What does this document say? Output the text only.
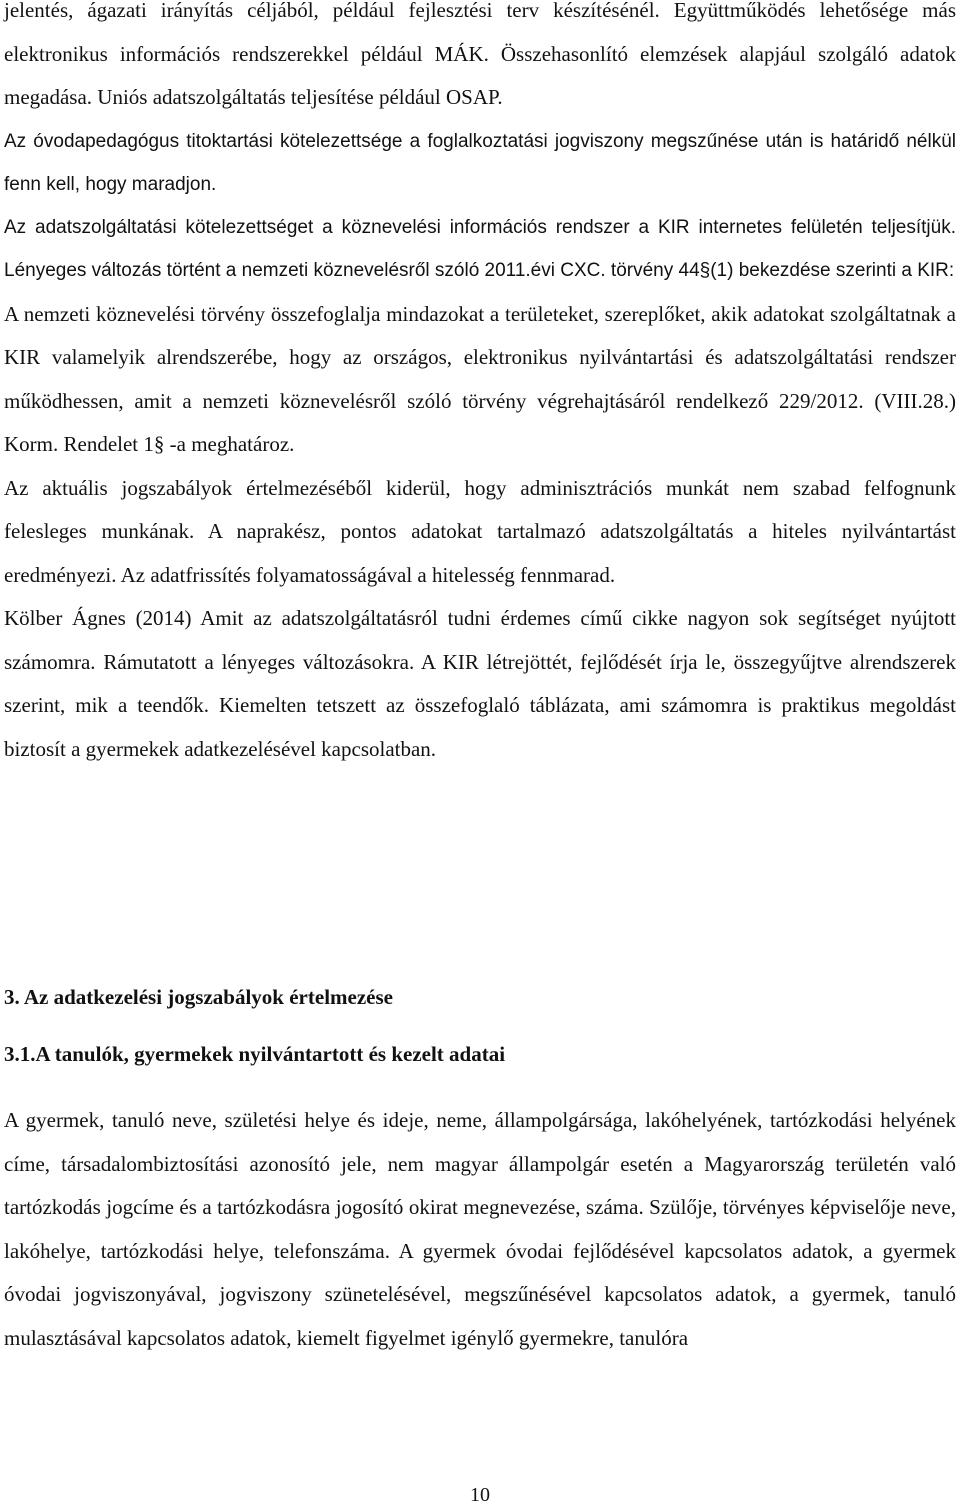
jelentés, ágazati irányítás céljából, például fejlesztési terv készítésénél. Együttműködés lehetősége más elektronikus információs rendszerekkel például MÁK. Összehasonlító elemzések alapjául szolgáló adatok megadása. Uniós adatszolgáltatás teljesítése például OSAP.

Az óvodapedagógus titoktartási kötelezettsége a foglalkoztatási jogviszony megszűnése után is határidő nélkül fenn kell, hogy maradjon.

Az adatszolgáltatási kötelezettséget a köznevelési információs rendszer a KIR internetes felületén teljesítjük. Lényeges változás történt a nemzeti köznevelésről szóló 2011.évi CXC. törvény 44§(1) bekezdése szerinti a KIR:

A nemzeti köznevelési törvény összefoglalja mindazokat a területeket, szereplőket, akik adatokat szolgáltatnak a KIR valamelyik alrendszerébe, hogy az országos, elektronikus nyilvántartási és adatszolgáltatási rendszer működhessen, amit a nemzeti köznevelésről szóló törvény végrehajtásáról rendelkező 229/2012. (VIII.28.) Korm. Rendelet 1§ -a meghatároz.

Az aktuális jogszabályok értelmezéséből kiderül, hogy adminisztrációs munkát nem szabad felfognunk felesleges munkának. A naprakész, pontos adatokat tartalmazó adatszolgáltatás a hiteles nyilvántartást eredményezi. Az adatfrissítés folyamatosságával a hitelesség fennmarad.

Kölber Ágnes (2014) Amit az adatszolgáltatásról tudni érdemes című cikke nagyon sok segítséget nyújtott számomra. Rámutatott a lényeges változásokra. A KIR létrejöttét, fejlődését írja le, összegyűjtve alrendszerek szerint, mik a teendők. Kiemelten tetszett az összefoglaló táblázata, ami számomra is praktikus megoldást biztosít a gyermekek adatkezelésével kapcsolatban.

3. Az adatkezelési jogszabályok értelmezése
3.1.A tanulók, gyermekek nyilvántartott és kezelt adatai

A gyermek, tanuló neve, születési helye és ideje, neme, állampolgársága, lakóhelyének, tartózkodási helyének címe, társadalombiztosítási azonosító jele, nem magyar állampolgár esetén a Magyarország területén való tartózkodás jogcíme és a tartózkodásra jogosító okirat megnevezése, száma. Szülője, törvényes képviselője neve, lakóhelye, tartózkodási helye, telefonszáma. A gyermek óvodai fejlődésével kapcsolatos adatok, a gyermek óvodai jogviszonyával, jogviszony szünetelésével, megszűnésével kapcsolatos adatok, a gyermek, tanuló mulasztásával kapcsolatos adatok, kiemelt figyelmet igénylő gyermekre, tanulóra

10
